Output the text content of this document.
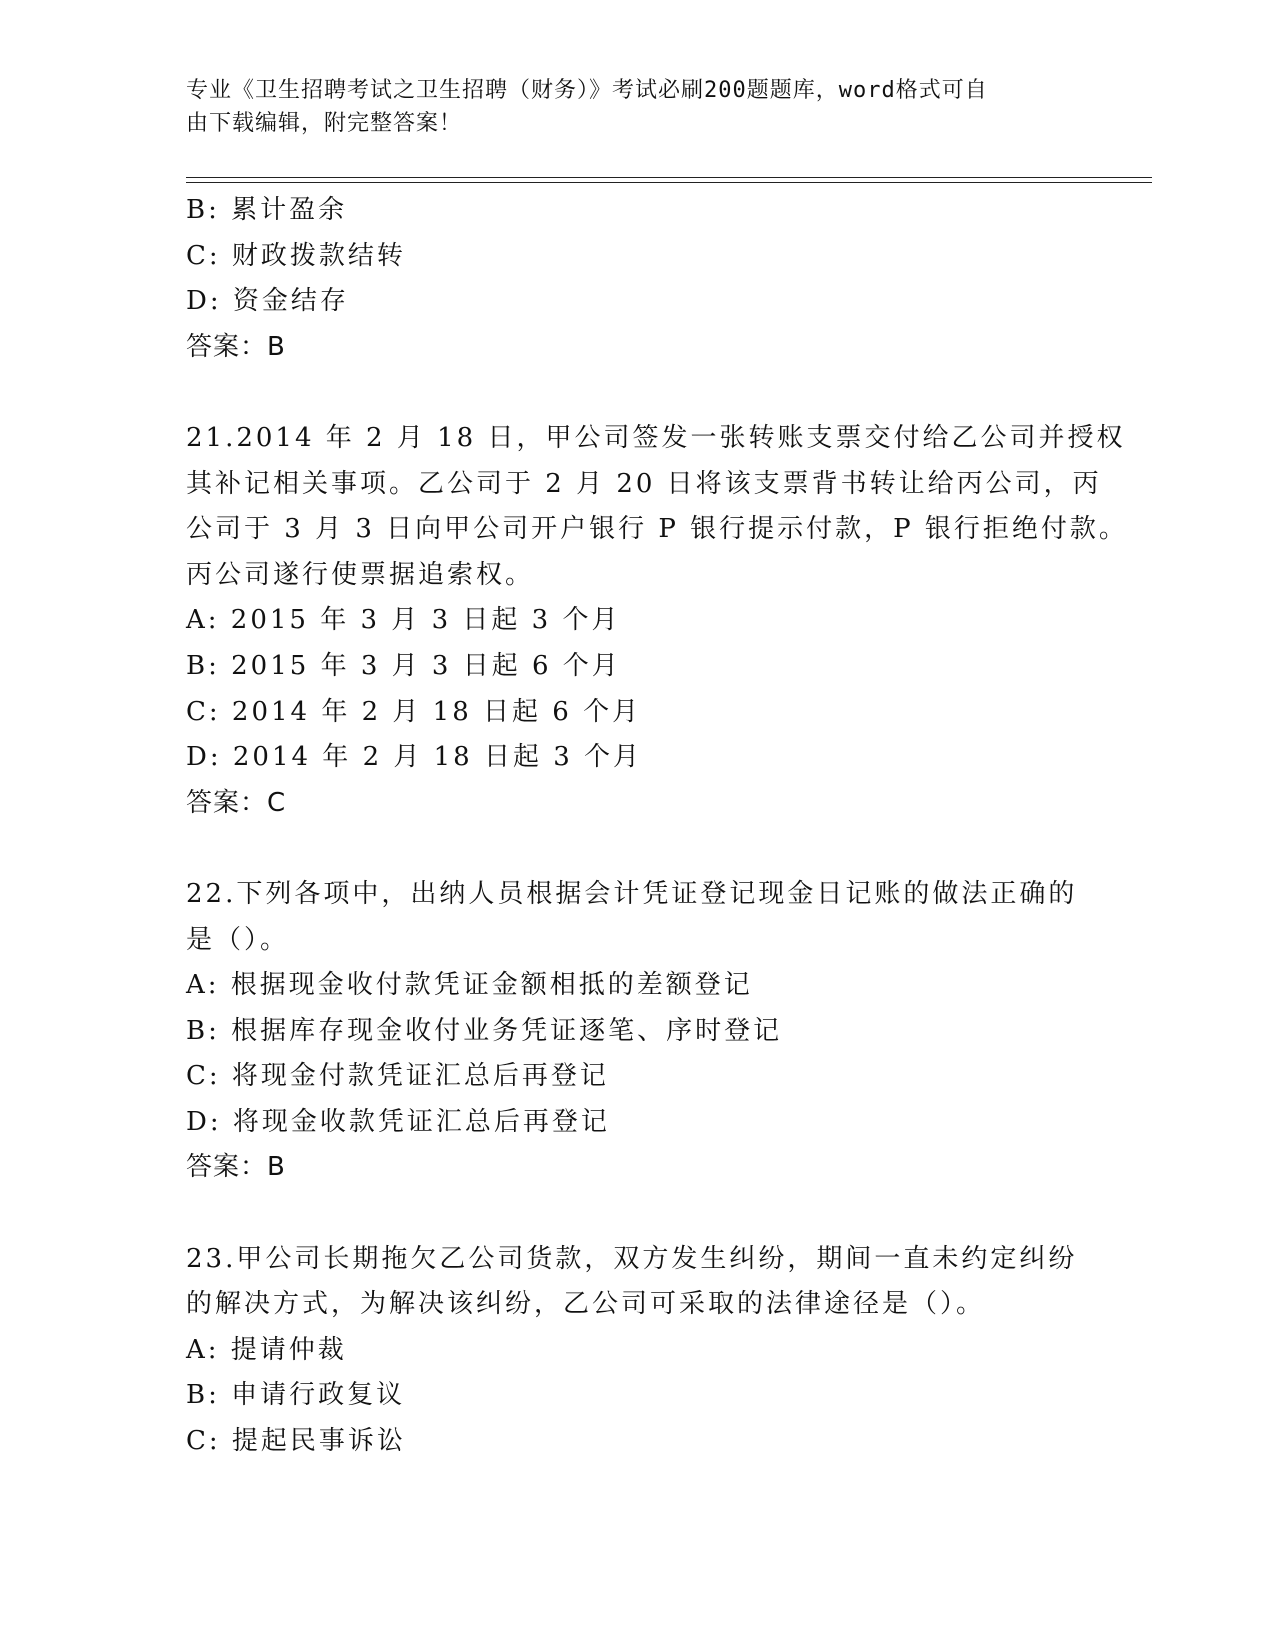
专业《卫生招聘考试之卫生招聘（财务）》考试必刷200题题库，word格式可自
由下载编辑，附完整答案！
B: 累计盈余
C: 财政拨款结转
D: 资金结存
答案：B
21.2014 年 2 月 18 日，甲公司签发一张转账支票交付给乙公司并授权
其补记相关事项。乙公司于 2 月 20 日将该支票背书转让给丙公司，丙
公司于 3 月 3 日向甲公司开户银行 P 银行提示付款，P 银行拒绝付款。
丙公司遂行使票据追索权。
A: 2015 年 3 月 3 日起 3 个月
B: 2015 年 3 月 3 日起 6 个月
C: 2014 年 2 月 18 日起 6 个月
D: 2014 年 2 月 18 日起 3 个月
答案：C
22.下列各项中，出纳人员根据会计凭证登记现金日记账的做法正确的
是（）。
A: 根据现金收付款凭证金额相抵的差额登记
B: 根据库存现金收付业务凭证逐笔、序时登记
C: 将现金付款凭证汇总后再登记
D: 将现金收款凭证汇总后再登记
答案：B
23.甲公司长期拖欠乙公司货款，双方发生纠纷，期间一直未约定纠纷
的解决方式，为解决该纠纷，乙公司可采取的法律途径是（）。
A: 提请仲裁
B: 申请行政复议
C: 提起民事诉讼
